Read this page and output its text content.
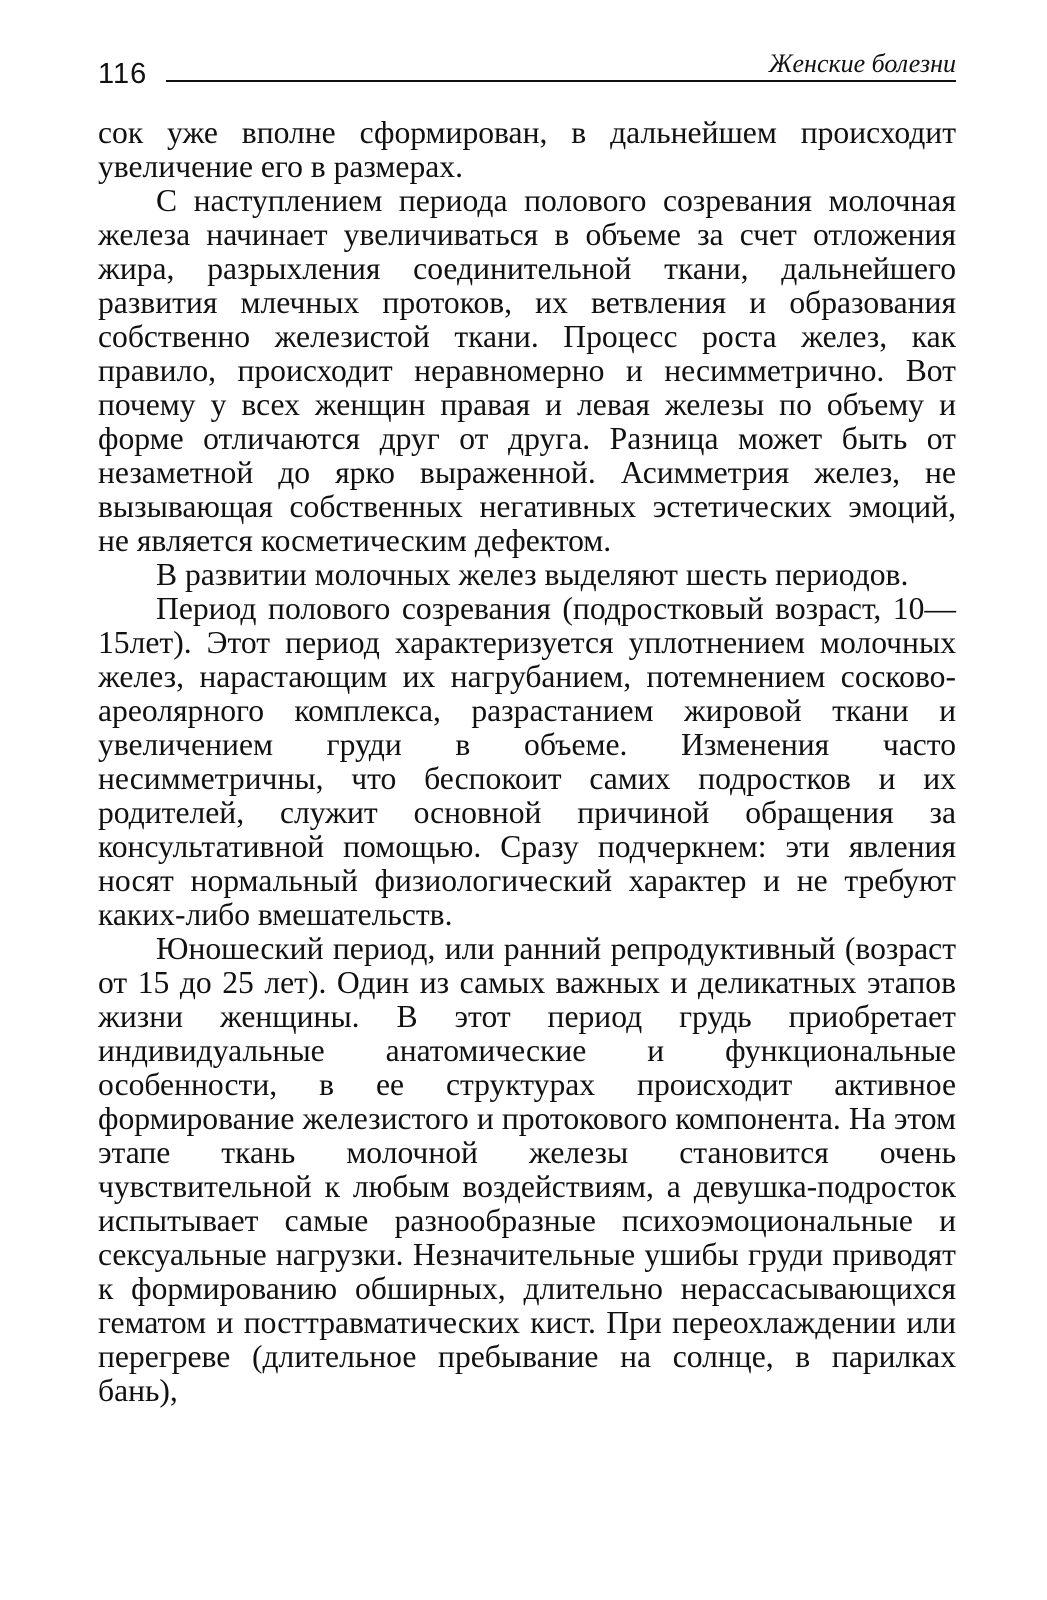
116	Женские болезни

сок уже вполне сформирован, в дальнейшем происходит увеличение его в размерах.

С наступлением периода полового созревания молочная железа начинает увеличиваться в объеме за счет отложения жира, разрыхления соединительной ткани, дальнейшего развития млечных протоков, их ветвления и образования собственно железистой ткани. Процесс роста желез, как правило, происходит неравномерно и несимметрично. Вот почему у всех женщин правая и левая железы по объему и форме отличаются друг от друга. Разница может быть от незаметной до ярко выраженной. Асимметрия желез, не вызывающая собственных негативных эстетических эмоций, не является косметическим дефектом.

В развитии молочных желез выделяют шесть периодов.

Период полового созревания (подростковый возраст, 10—15лет). Этот период характеризуется уплотнением молочных желез, нарастающим их нагрубанием, потемнением сосково-ареолярного комплекса, разрастанием жировой ткани и увеличением груди в объеме. Изменения часто несимметричны, что беспокоит самих подростков и их родителей, служит основной причиной обращения за консультативной помощью. Сразу подчеркнем: эти явления носят нормальный физиологический характер и не требуют каких-либо вмешательств.

Юношеский период, или ранний репродуктивный (возраст от 15 до 25 лет). Один из самых важных и деликатных этапов жизни женщины. В этот период грудь приобретает индивидуальные анатомические и функциональные особенности, в ее структурах происходит активное формирование железистого и протокового компонента. На этом этапе ткань молочной железы становится очень чувствительной к любым воздействиям, а девушка-подросток испытывает самые разнообразные психоэмоциональные и сексуальные нагрузки. Незначительные ушибы груди приводят к формированию обширных, длительно нерассасывающихся гематом и посттравматических кист. При переохлаждении или перегреве (длительное пребывание на солнце, в парилках бань),
